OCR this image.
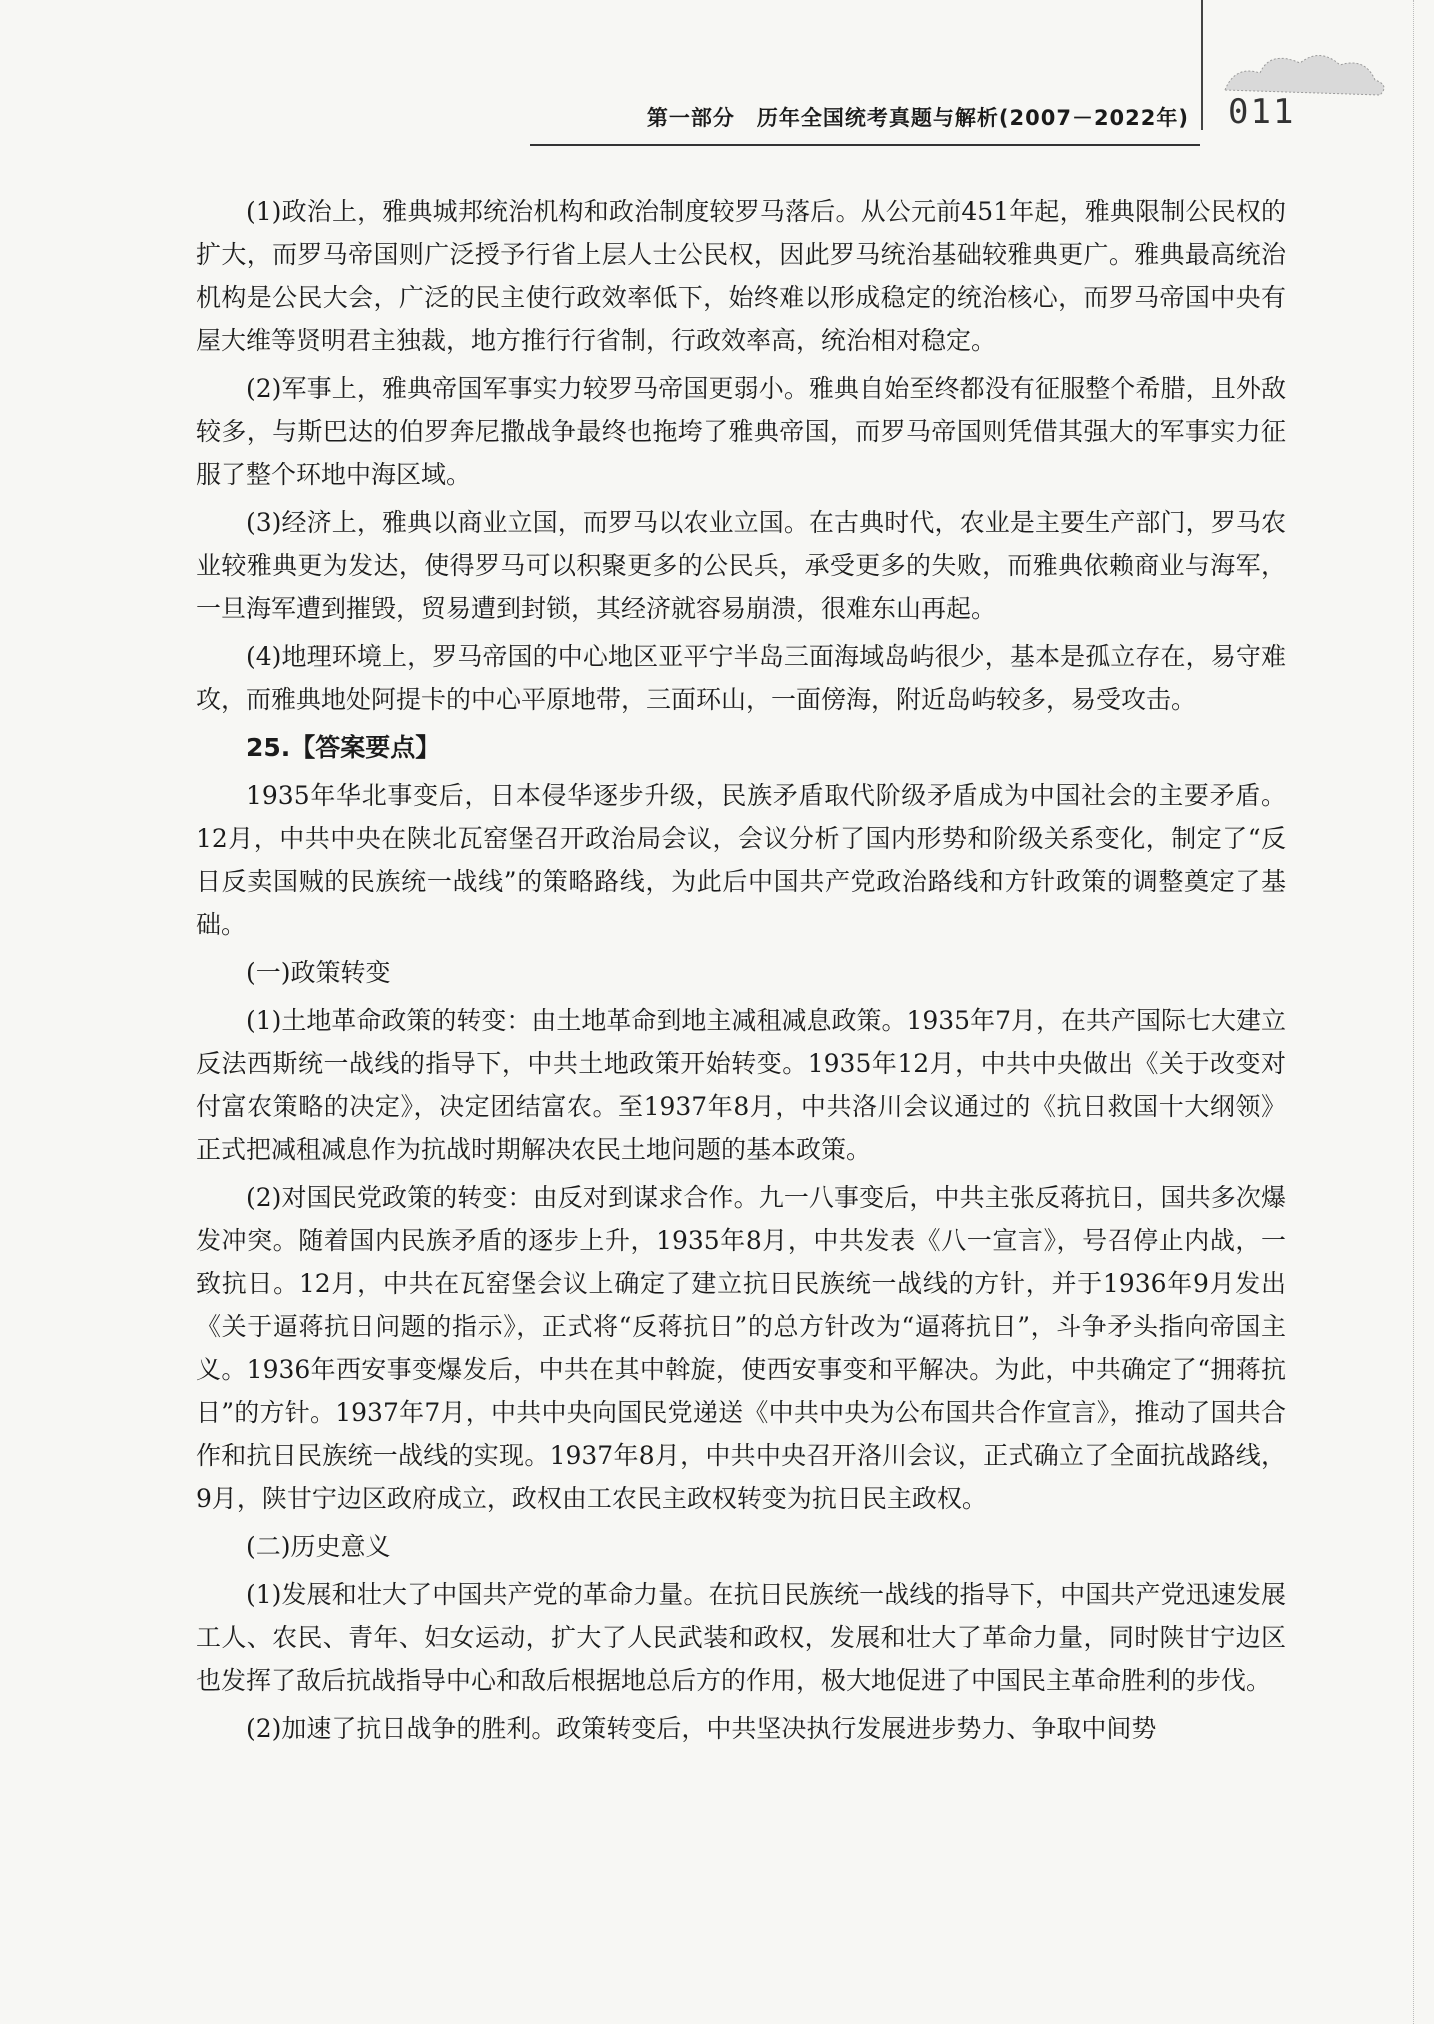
第一部分　历年全国统考真题与解析(2007－2022年) 011

(1)政治上，雅典城邦统治机构和政治制度较罗马落后。从公元前451年起，雅典限制公民权的扩大，而罗马帝国则广泛授予行省上层人士公民权，因此罗马统治基础较雅典更广。雅典最高统治机构是公民大会，广泛的民主使行政效率低下，始终难以形成稳定的统治核心，而罗马帝国中央有屋大维等贤明君主独裁，地方推行行省制，行政效率高，统治相对稳定。

(2)军事上，雅典帝国军事实力较罗马帝国更弱小。雅典自始至终都没有征服整个希腊，且外敌较多，与斯巴达的伯罗奔尼撒战争最终也拖垮了雅典帝国，而罗马帝国则凭借其强大的军事实力征服了整个环地中海区域。

(3)经济上，雅典以商业立国，而罗马以农业立国。在古典时代，农业是主要生产部门，罗马农业较雅典更为发达，使得罗马可以积聚更多的公民兵，承受更多的失败，而雅典依赖商业与海军，一旦海军遭到摧毁，贸易遭到封锁，其经济就容易崩溃，很难东山再起。

(4)地理环境上，罗马帝国的中心地区亚平宁半岛三面海域岛屿很少，基本是孤立存在，易守难攻，而雅典地处阿提卡的中心平原地带，三面环山，一面傍海，附近岛屿较多，易受攻击。

25.【答案要点】

1935年华北事变后，日本侵华逐步升级，民族矛盾取代阶级矛盾成为中国社会的主要矛盾。12月，中共中央在陕北瓦窑堡召开政治局会议，会议分析了国内形势和阶级关系变化，制定了“反日反卖国贼的民族统一战线”的策略路线，为此后中国共产党政治路线和方针政策的调整奠定了基础。

(一)政策转变

(1)土地革命政策的转变：由土地革命到地主减租减息政策。1935年7月，在共产国际七大建立反法西斯统一战线的指导下，中共土地政策开始转变。1935年12月，中共中央做出《关于改变对付富农策略的决定》，决定团结富农。至1937年8月，中共洛川会议通过的《抗日救国十大纲领》正式把减租减息作为抗战时期解决农民土地问题的基本政策。

(2)对国民党政策的转变：由反对到谋求合作。九一八事变后，中共主张反蒋抗日，国共多次爆发冲突。随着国内民族矛盾的逐步上升，1935年8月，中共发表《八一宣言》，号召停止内战，一致抗日。12月，中共在瓦窑堡会议上确定了建立抗日民族统一战线的方针，并于1936年9月发出《关于逼蒋抗日问题的指示》，正式将“反蒋抗日”的总方针改为“逼蒋抗日”，斗争矛头指向帝国主义。1936年西安事变爆发后，中共在其中斡旋，使西安事变和平解决。为此，中共确定了“拥蒋抗日”的方针。1937年7月，中共中央向国民党递送《中共中央为公布国共合作宣言》，推动了国共合作和抗日民族统一战线的实现。1937年8月，中共中央召开洛川会议，正式确立了全面抗战路线，9月，陕甘宁边区政府成立，政权由工农民主政权转变为抗日民主政权。

(二)历史意义

(1)发展和壮大了中国共产党的革命力量。在抗日民族统一战线的指导下，中国共产党迅速发展工人、农民、青年、妇女运动，扩大了人民武装和政权，发展和壮大了革命力量，同时陕甘宁边区也发挥了敌后抗战指导中心和敌后根据地总后方的作用，极大地促进了中国民主革命胜利的步伐。

(2)加速了抗日战争的胜利。政策转变后，中共坚决执行发展进步势力、争取中间势
